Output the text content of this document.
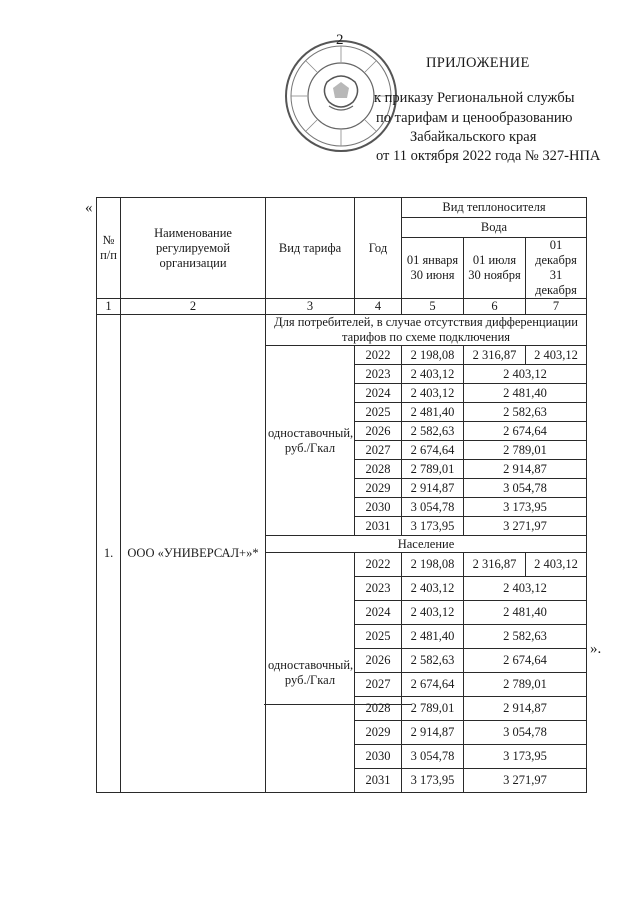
2
ПРИЛОЖЕНИЕ
к приказу Региональной службы
по тарифам и ценообразованию
Забайкальского края
от 11 октября 2022 года № 327-НПА
«
№ п/п	Наименование регулируемой организации	Вид тарифа	Год	Вид теплоносителя		
				Вода		
				01 января 30 июня	01 июля 30 ноября	01 декабря 31 декабря
1	2	3	4	5	6	7
1.	ООО «УНИВЕРСАЛ+»*	Для потребителей, в случае отсутствия дифференциации тарифов по схеме подключения				
		одноставочный, руб./Гкал	2022	2 198,08	2 316,87	2 403,12
			2023	2 403,12	2 403,12	
			2024	2 403,12	2 481,40	
			2025	2 481,40	2 582,63	
			2026	2 582,63	2 674,64	
			2027	2 674,64	2 789,01	
			2028	2 789,01	2 914,87	
			2029	2 914,87	3 054,78	
			2030	3 054,78	3 173,95	
			2031	3 173,95	3 271,97	
		Население				
		одноставочный, руб./Гкал	2022	2 198,08	2 316,87	2 403,12
			2023	2 403,12	2 403,12	
			2024	2 403,12	2 481,40	
			2025	2 481,40	2 582,63	
			2026	2 582,63	2 674,64	
			2027	2 674,64	2 789,01	
			2028	2 789,01	2 914,87	
			2029	2 914,87	3 054,78	
			2030	3 054,78	3 173,95	
			2031	3 173,95	3 271,97	
».
